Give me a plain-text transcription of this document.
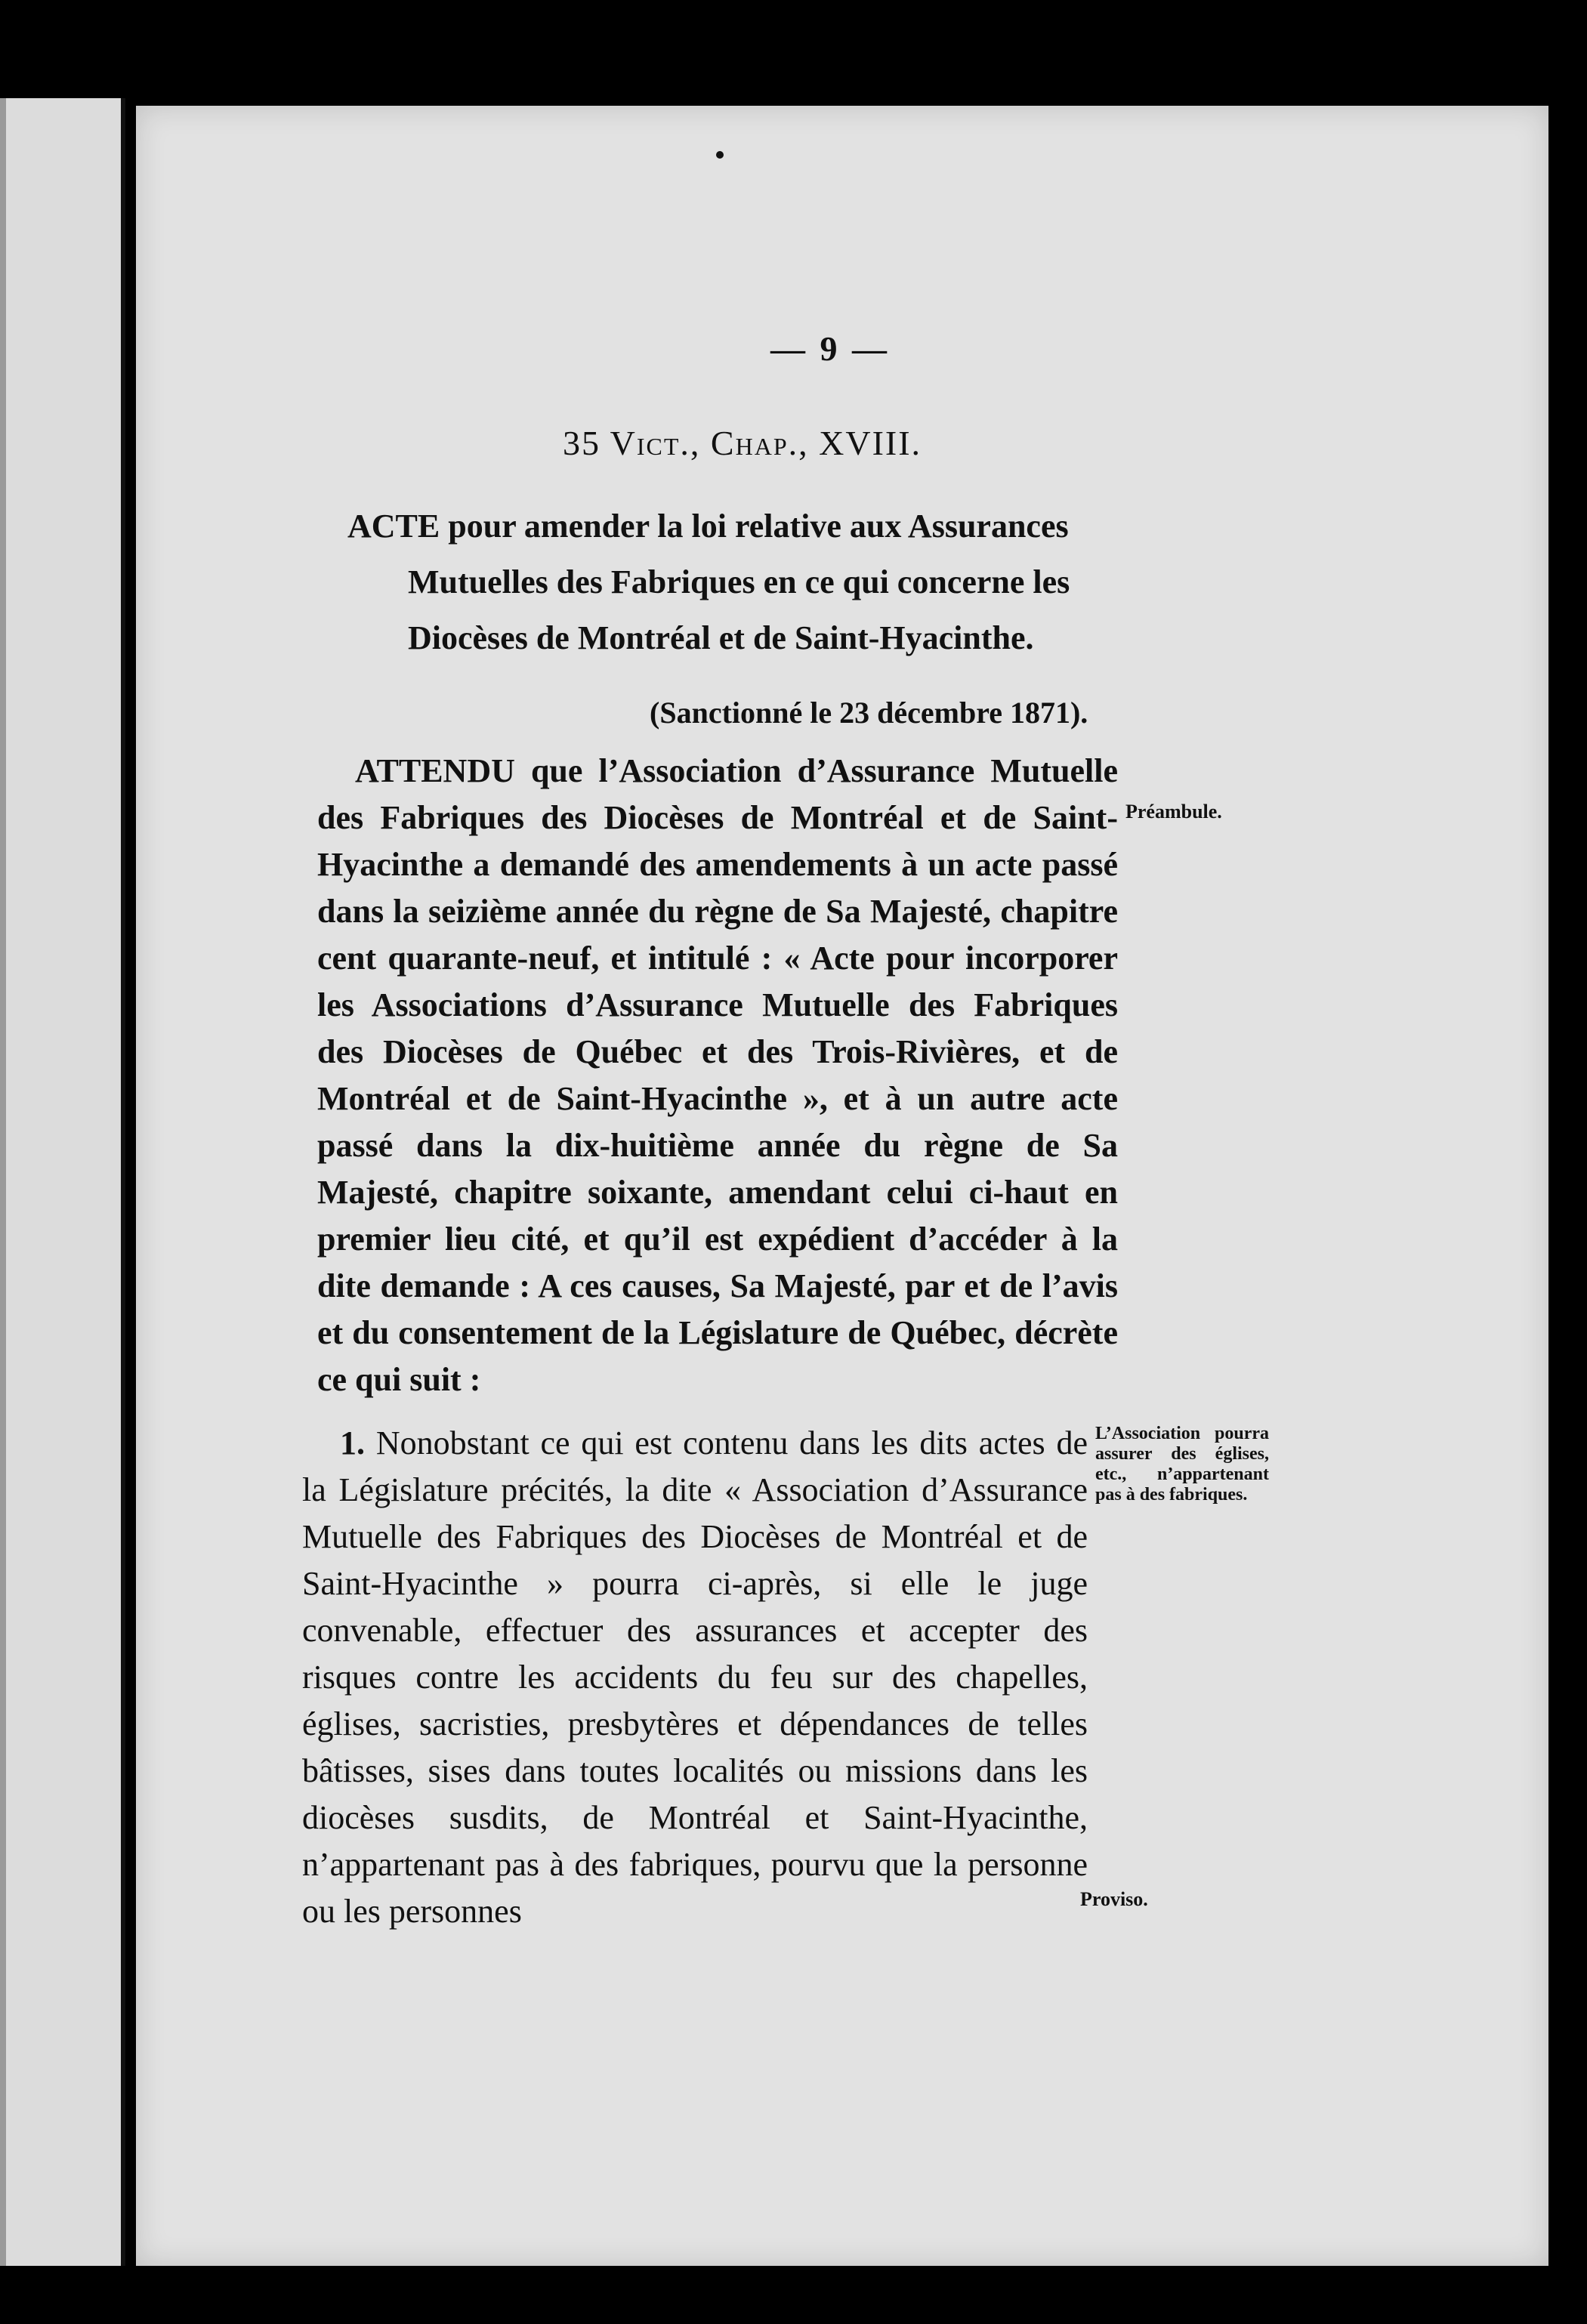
— 9 —
35 Vict., Chap., XVIII.
ACTE pour amender la loi relative aux Assurances
Mutuelles des Fabriques en ce qui concerne les
Diocèses de Montréal et de Saint-Hyacinthe.
(Sanctionné le 23 décembre 1871).

ATTENDU que l’Association d’Assurance Mutuelle des Fabriques des Diocèses de Montréal et de Saint-Hyacinthe a demandé des amendements à un acte passé dans la seizième année du règne de Sa Majesté, chapitre cent quarante-neuf, et intitulé : « Acte pour incorporer les Associations d’Assurance Mutuelle des Fabriques des Diocèses de Québec et des Trois-Rivières, et de Montréal et de Saint-Hyacinthe », et à un autre acte passé dans la dix-huitième année du règne de Sa Majesté, chapitre soixante, amendant celui ci-haut en premier lieu cité, et qu’il est expédient d’accéder à la dite demande : A ces causes, Sa Majesté, par et de l’avis et du consentement de la Législature de Québec, décrète ce qui suit :

Préambule.

1. Nonobstant ce qui est contenu dans les dits actes de la Législature précités, la dite « Association d’Assurance Mutuelle des Fabriques des Diocèses de Montréal et de Saint-Hyacinthe » pourra ci-après, si elle le juge convenable, effectuer des assurances et accepter des risques contre les accidents du feu sur des chapelles, églises, sacristies, presbytères et dépendances de telles bâtisses, sises dans toutes localités ou missions dans les diocèses susdits, de Montréal et Saint-Hyacinthe, n’appartenant pas à des fabriques, pourvu que la personne ou les personnes

L’Association pourra assurer des églises, etc., n’appartenant pas à des fabriques.
Proviso.
